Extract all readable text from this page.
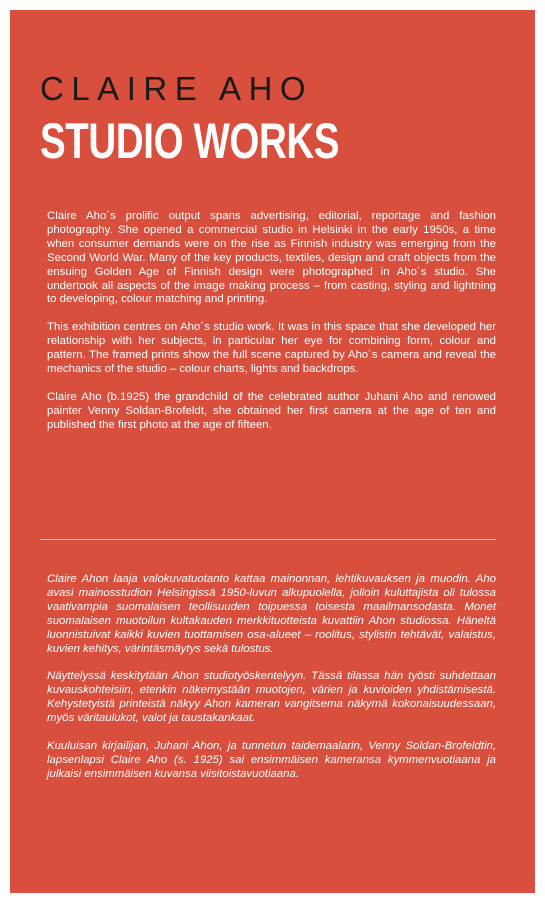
CLAIRE AHO
STUDIO WORKS

Claire Aho´s prolific output spans advertising, editorial, reportage and fashion photography. She opened a commercial studio in Helsinki in the early 1950s, a time when consumer demands were on the rise as Finnish industry was emerging from the Second World War. Many of the key products, textiles, design and craft objects from the ensuing Golden Age of Finnish design were photographed in Aho´s studio. She undertook all aspects of the image making process – from casting, styling and lightning to developing, colour matching and printing.

This exhibition centres on Aho´s studio work. It was in this space that she developed her relationship with her subjects, in particular her eye for combining form, colour and pattern. The framed prints show the full scene captured by Aho´s camera and reveal the mechanics of the studio – colour charts, lights and backdrops.

Claire Aho (b.1925) the grandchild of the celebrated author Juhani Aho and renowed painter Venny Soldan-Brofeldt, she obtained her first camera at the age of ten and published the first photo at the age of fifteen.

Claire Ahon laaja valokuvatuotanto kattaa mainonnan, lehtikuvauksen ja muodin. Aho avasi mainosstudion Helsingissä 1950-luvun alkupuolella, jolloin kuluttajista oli tulossa vaativampia suomalaisen teollisuuden toipuessa toisesta maailmansodasta. Monet suomalaisen muotoilun kultakauden merkkituotteista kuvattiin Ahon studiossa. Häneltä luonnistuivat kaikki kuvien tuottamisen osa-alueet – roolitus, stylistin tehtävät, valaistus, kuvien kehitys, värintäsmäytys sekä tulostus.

Näyttelyssä keskitytään Ahon studiotyöskentelyyn. Tässä tilassa hän työsti suhdettaan kuvauskohteisiin, etenkin näkemystään muotojen, värien ja kuvioiden yhdistämisestä. Kehystetyistä printeistä näkyy Ahon kameran vangitsema näkymä kokonaisuudessaan, myös väritaulukot, valot ja taustakankaat.

Kuuluisan kirjailijan, Juhani Ahon, ja tunnetun taidemaalarin, Venny Soldan-Brofeldtin, lapsenlapsi Claire Aho (s. 1925) sai ensimmäisen kameransa kymmenvuotiaana ja julkaisi ensimmäisen kuvansa viisitoistavuotiaana.
